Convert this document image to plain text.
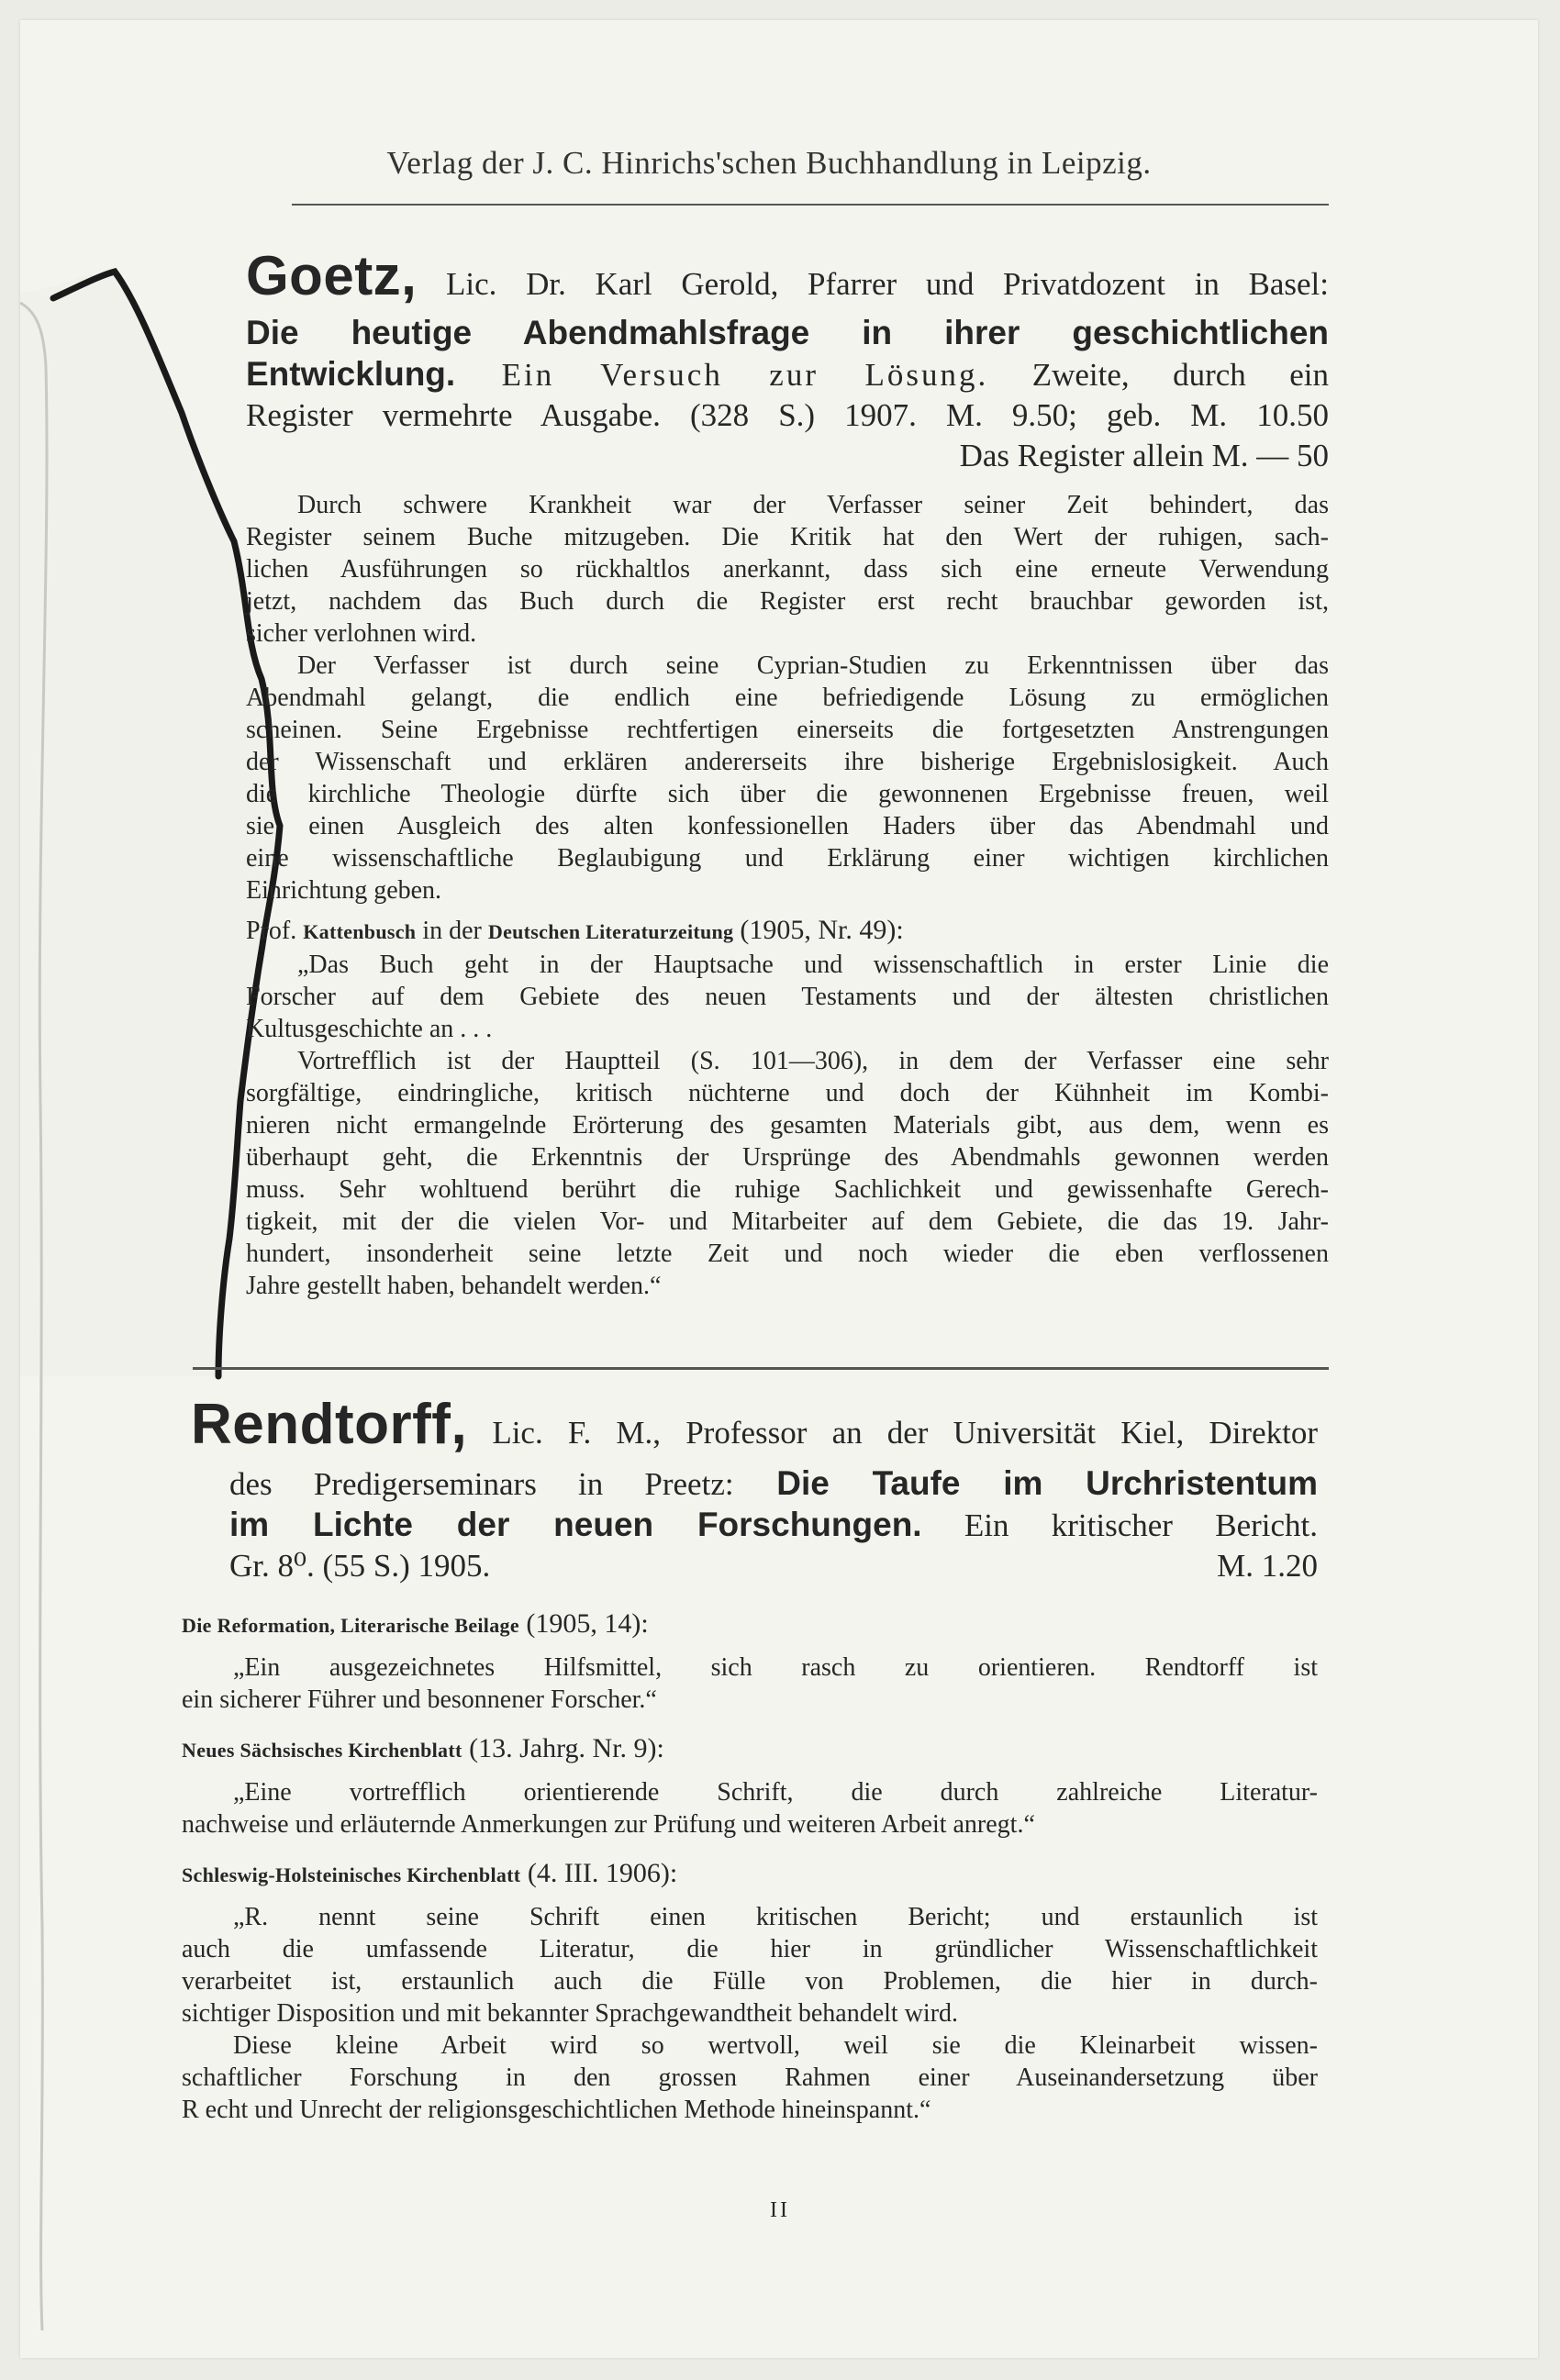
Verlag der J. C. Hinrichs'schen Buchhandlung in Leipzig.

Goetz, Lic. Dr. Karl Gerold, Pfarrer und Privatdozent in Basel:

Die heutige Abendmahlsfrage in ihrer geschichtlichen

Entwicklung. Ein Versuch zur Lösung. Zweite, durch ein

Register vermehrte Ausgabe. (328 S.) 1907. M. 9.50; geb. M. 10.50

Das Register allein M. — 50

Durch schwere Krankheit war der Verfasser seiner Zeit behindert, das

Register seinem Buche mitzugeben. Die Kritik hat den Wert der ruhigen, sach-

lichen Ausführungen so rückhaltlos anerkannt, dass sich eine erneute Verwendung

jetzt, nachdem das Buch durch die Register erst recht brauchbar geworden ist,

sicher verlohnen wird.

Der Verfasser ist durch seine Cyprian-Studien zu Erkenntnissen über das

Abendmahl gelangt, die endlich eine befriedigende Lösung zu ermöglichen

scheinen. Seine Ergebnisse rechtfertigen einerseits die fortgesetzten Anstrengungen

der Wissenschaft und erklären andererseits ihre bisherige Ergebnislosigkeit. Auch

die kirchliche Theologie dürfte sich über die gewonnenen Ergebnisse freuen, weil

sie einen Ausgleich des alten konfessionellen Haders über das Abendmahl und

eine wissenschaftliche Beglaubigung und Erklärung einer wichtigen kirchlichen

Einrichtung geben.

Prof. Kattenbusch in der Deutschen Literaturzeitung (1905, Nr. 49):

„Das Buch geht in der Hauptsache und wissenschaftlich in erster Linie die

Forscher auf dem Gebiete des neuen Testaments und der ältesten christlichen

Kultusgeschichte an . . .

Vortrefflich ist der Hauptteil (S. 101—306), in dem der Verfasser eine sehr

sorgfältige, eindringliche, kritisch nüchterne und doch der Kühnheit im Kombi-

nieren nicht ermangelnde Erörterung des gesamten Materials gibt, aus dem, wenn es

überhaupt geht, die Erkenntnis der Ursprünge des Abendmahls gewonnen werden

muss. Sehr wohltuend berührt die ruhige Sachlichkeit und gewissenhafte Gerech-

tigkeit, mit der die vielen Vor- und Mitarbeiter auf dem Gebiete, die das 19. Jahr-

hundert, insonderheit seine letzte Zeit und noch wieder die eben verflossenen

Jahre gestellt haben, behandelt werden.“

Rendtorff, Lic. F. M., Professor an der Universität Kiel, Direktor

des Predigerseminars in Preetz: Die Taufe im Urchristentum

im Lichte der neuen Forschungen. Ein kritischer Bericht.

Gr. 8⁰. (55 S.) 1905.	M. 1.20

Die Reformation, Literarische Beilage (1905, 14):

„Ein ausgezeichnetes Hilfsmittel, sich rasch zu orientieren. Rendtorff ist

ein sicherer Führer und besonnener Forscher.“

Neues Sächsisches Kirchenblatt (13. Jahrg. Nr. 9):

„Eine vortrefflich orientierende Schrift, die durch zahlreiche Literatur-

nachweise und erläuternde Anmerkungen zur Prüfung und weiteren Arbeit anregt.“

Schleswig-Holsteinisches Kirchenblatt (4. III. 1906):

„R. nennt seine Schrift einen kritischen Bericht; und erstaunlich ist

auch die umfassende Literatur, die hier in gründlicher Wissenschaftlichkeit

verarbeitet ist, erstaunlich auch die Fülle von Problemen, die hier in durch-

sichtiger Disposition und mit bekannter Sprachgewandtheit behandelt wird.

Diese kleine Arbeit wird so wertvoll, weil sie die Kleinarbeit wissen-

schaftlicher Forschung in den grossen Rahmen einer Auseinandersetzung über

R echt und Unrecht der religionsgeschichtlichen Methode hineinspannt.“

II
